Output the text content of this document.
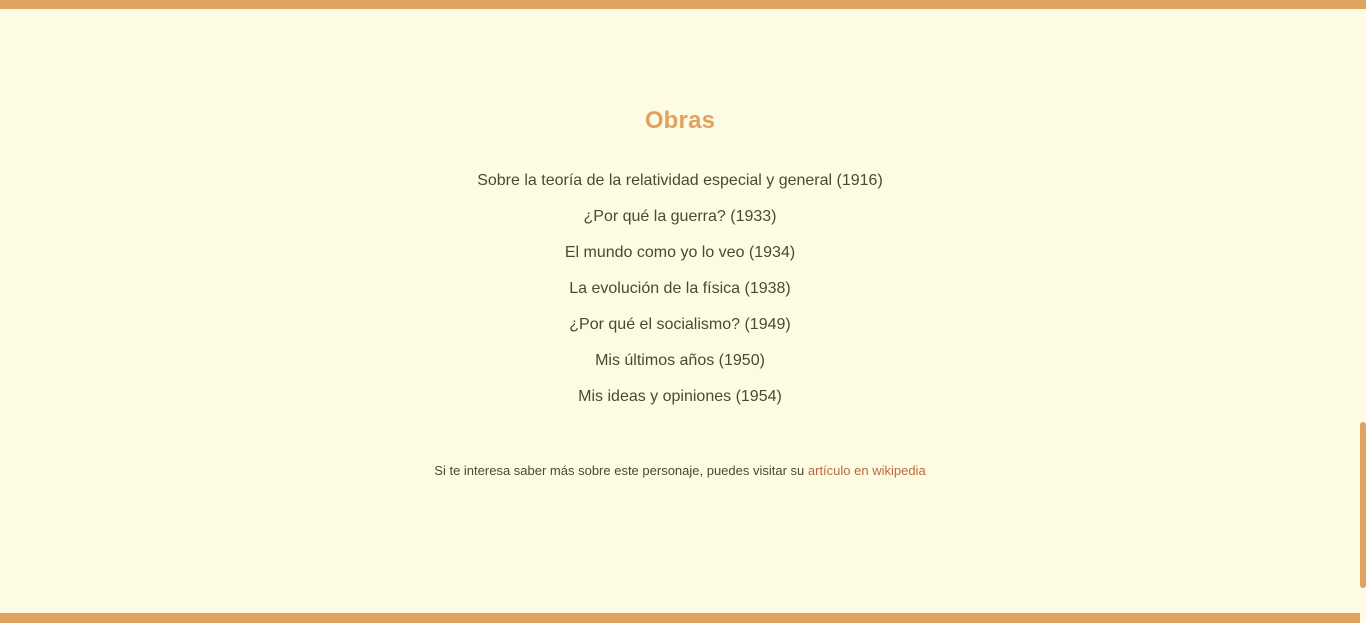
Obras
Sobre la teoría de la relatividad especial y general (1916)
¿Por qué la guerra? (1933)
El mundo como yo lo veo (1934)
La evolución de la física (1938)
¿Por qué el socialismo? (1949)
Mis últimos años (1950)
Mis ideas y opiniones (1954)

Si te interesa saber más sobre este personaje, puedes visitar su artículo en wikipedia
